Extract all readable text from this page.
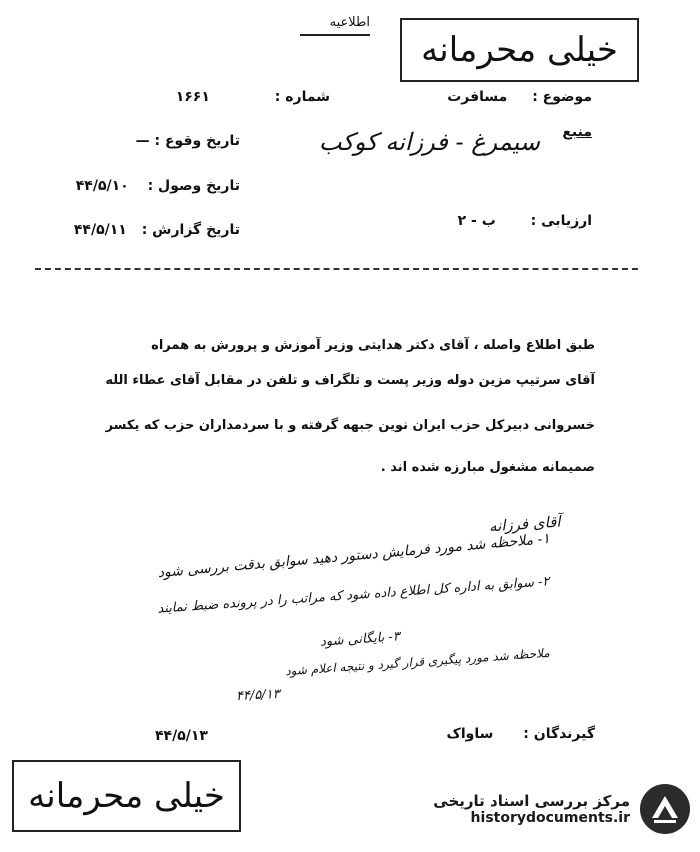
اطلاعیه
خیلی محرمانه
موضوع : مسافرت
منبع
سیمرغ - فرزانه کوکب
ارزیابی : ب - ۲
شماره : ۱۶۶۱
تاریخ وقوع : —
تاریخ وصول : ۴۴/۵/۱۰
تاریخ گزارش : ۴۴/۵/۱۱
طبق اطلاع واصله ، آقای دکتر هدایتی وزیر آموزش و پرورش به همراه
آقای سرتیپ مزین دوله وزیر پست و تلگراف و تلفن در مقابل آقای عطاء الله
خسروانی دبیرکل حزب ایران نوین جبهه گرفته و با سردمداران حزب که یکسر
صمیمانه مشغول مبارزه شده اند .
آقای فرزانه
۱- ملاحظه شد مورد فرمایش دستور دهید سوابق بدقت بررسی شود
۲- سوابق به اداره کل اطلاع داده شود که مراتب را در پرونده ضبط نمایند
۳- بایگانی شود
ملاحظه شد مورد پیگیری قرار گیرد و نتیجه اعلام شود
۴۴/۵/۱۳
۴۴/۵/۱۳	گیرندگان : ساواک
خیلی محرمانه	مرکز بررسی اسناد تاریخی
historydocuments.ir
